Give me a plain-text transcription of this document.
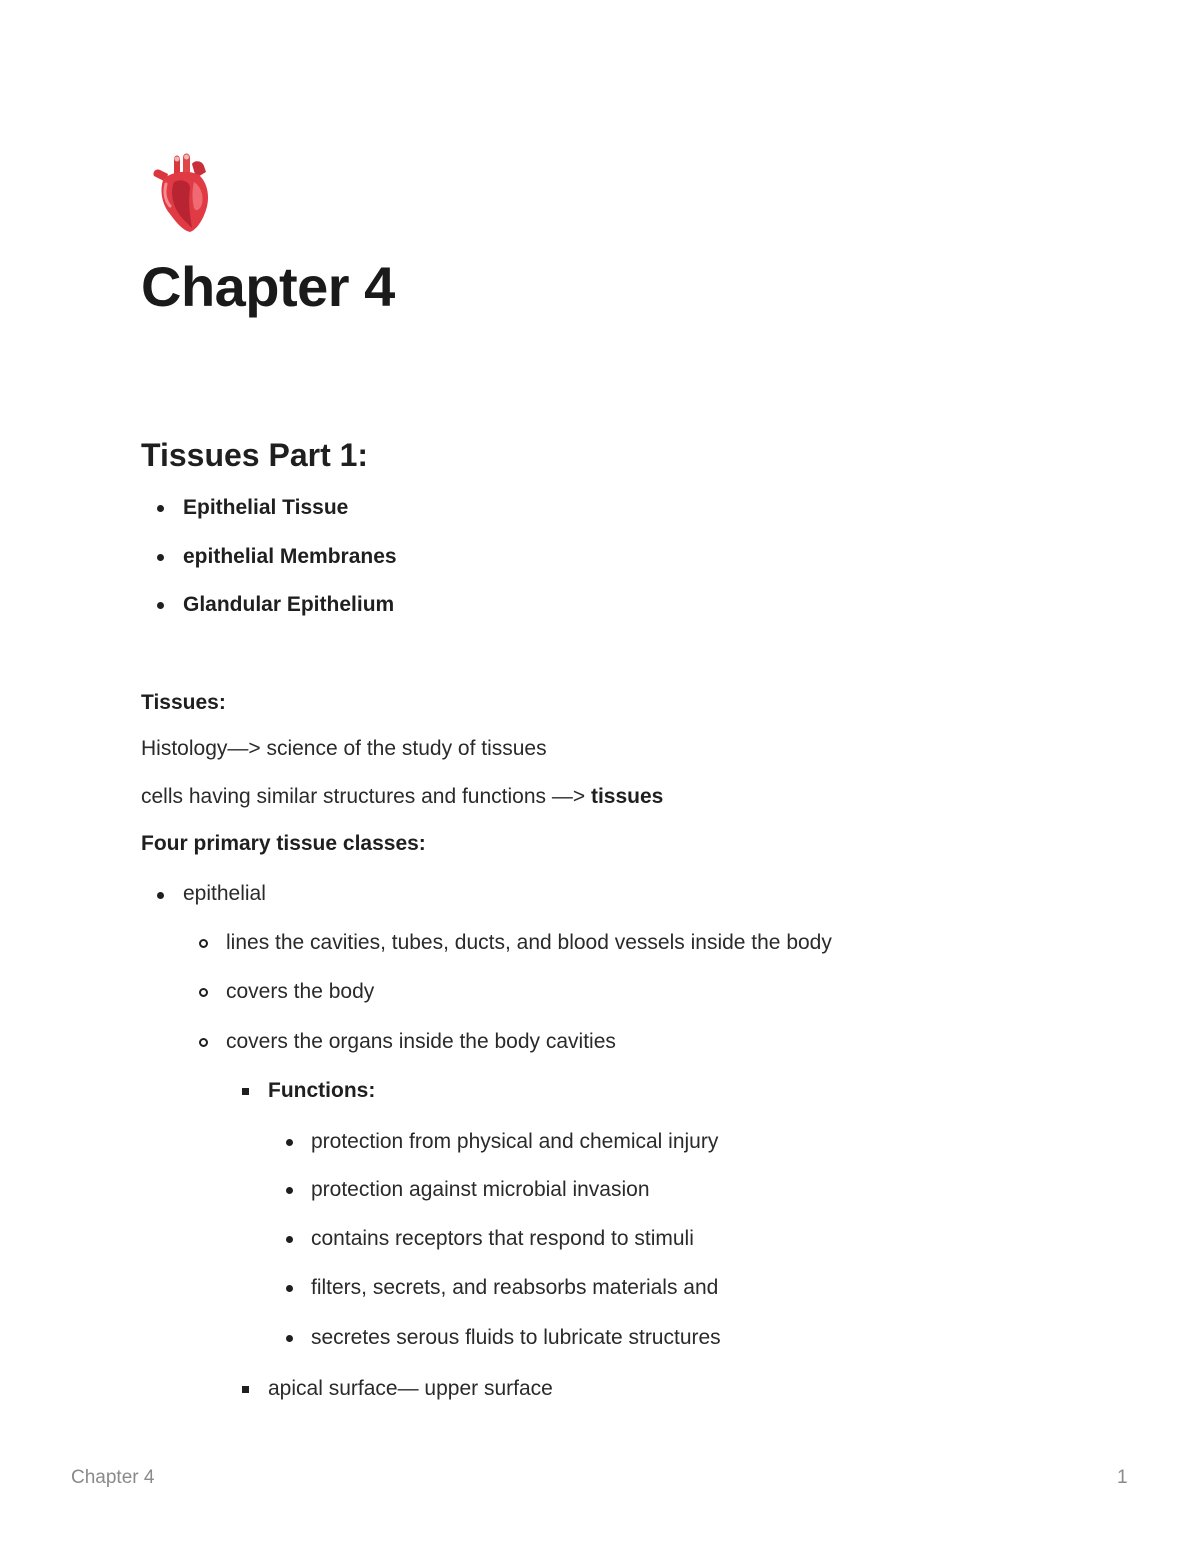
Chapter 4
Tissues Part 1:
Epithelial Tissue
epithelial Membranes
Glandular Epithelium
Tissues:
Histology—> science of the study of tissues
cells having similar structures and functions —> tissues
Four primary tissue classes:
epithelial
lines the cavities, tubes, ducts, and blood vessels inside the body
covers the body
covers the organs inside the body cavities
Functions:
protection from physical and chemical injury
protection against microbial invasion
contains receptors that respond to stimuli
filters, secrets, and reabsorbs materials and
secretes serous fluids to lubricate structures
apical surface— upper surface
Chapter 4	1
